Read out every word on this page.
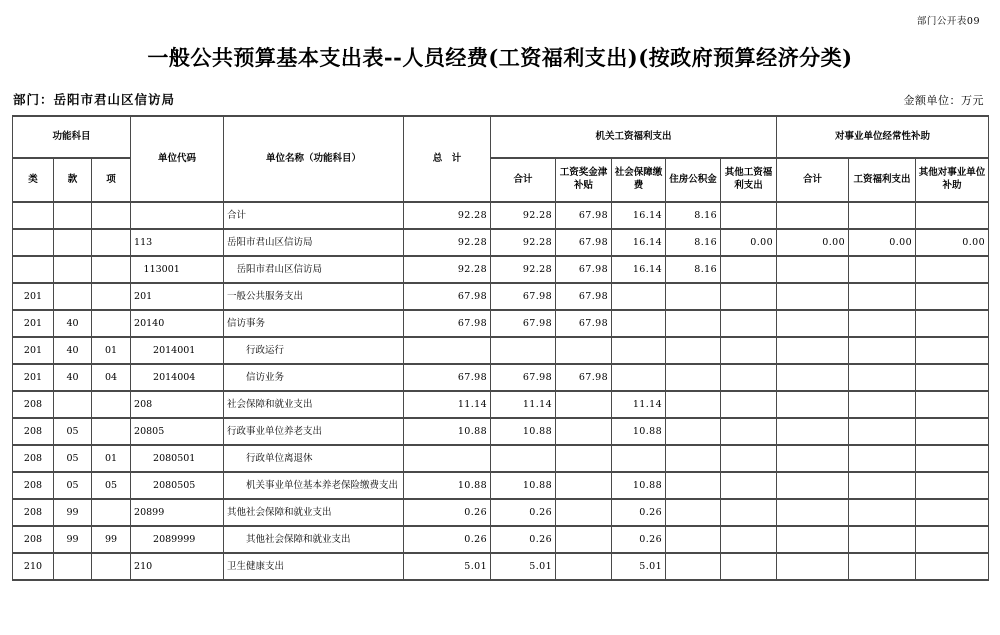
部门公开表09
一般公共预算基本支出表--人员经费(工资福利支出)(按政府预算经济分类)
部门：岳阳市君山区信访局	金额单位：万元
功能科目			单位代码	单位名称（功能科目）	总　计	机关工资福利支出					对事业单位经常性补助		
类	款	项				合计	工资奖金津补贴	社会保障缴费	住房公积金	其他工资福利支出	合计	工资福利支出	其他对事业单位补助
				合计	92.28	92.28	67.98	16.14	8.16				
			113	岳阳市君山区信访局	92.28	92.28	67.98	16.14	8.16	0.00	0.00	0.00	0.00
			113001	岳阳市君山区信访局	92.28	92.28	67.98	16.14	8.16				
201			201	一般公共服务支出	67.98	67.98	67.98						
201	40		20140	信访事务	67.98	67.98	67.98						
201	40	01	2014001	行政运行									
201	40	04	2014004	信访业务	67.98	67.98	67.98						
208			208	社会保障和就业支出	11.14	11.14		11.14					
208	05		20805	行政事业单位养老支出	10.88	10.88		10.88					
208	05	01	2080501	行政单位离退休									
208	05	05	2080505	机关事业单位基本养老保险缴费支出	10.88	10.88		10.88					
208	99		20899	其他社会保障和就业支出	0.26	0.26		0.26					
208	99	99	2089999	其他社会保障和就业支出	0.26	0.26		0.26					
210			210	卫生健康支出	5.01	5.01		5.01					
